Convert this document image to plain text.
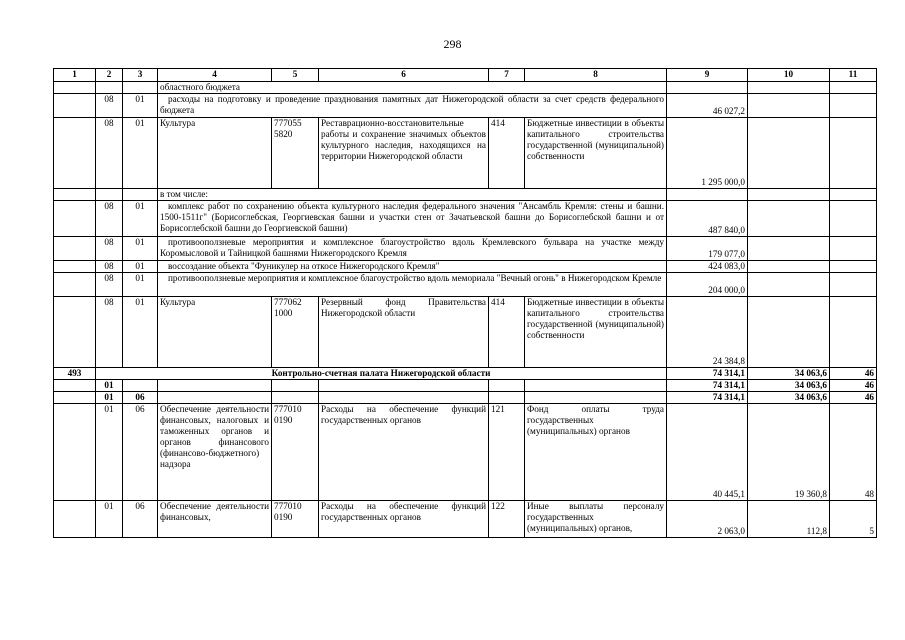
298
1	2	3	4	5	6	7	8	9	10	11
			областного бюджета							
	08	01	расходы на подготовку и проведение празднования памятных дат Нижегородской области за счет средств федерального бюджета					46 027,2		
	08	01	Культура	777055 5820	Реставрационно-восстановительные работы и сохранение значимых объектов культурного наследия, находящихся на территории Нижегородской области	414	Бюджетные инвестиции в объекты капитального строительства государственной (муниципальной) собственности	1 295 000,0		
			в том числе:							
	08	01	комплекс работ по сохранению объекта культурного наследия федерального значения "Ансамбль Кремля: стены и башни. 1500-1511г" (Борисоглебская, Георгиевская башни и участки стен от Зачатьевской башни до Борисоглебской башни и от Борисоглебской башни до Георгиевской башни)					487 840,0		
	08	01	противооползневые мероприятия и комплексное благоустройство вдоль Кремлевского бульвара на участке между Коромысловой и Тайницкой башнями Нижегородского Кремля					179 077,0		
	08	01	воссоздание объекта "Фуникулер на откосе Нижегородского Кремля"					424 083,0		
	08	01	противооползневые мероприятия и комплексное благоустройство вдоль мемориала "Вечный огонь" в Нижегородском Кремле					204 000,0		
	08	01	Культура	777062 1000	Резервный фонд Правительства Нижегородской области	414	Бюджетные инвестиции в объекты капитального строительства государственной (муниципальной) собственности	24 384,8		
493	Контрольно-счетная палата Нижегородской области							74 314,1	34 063,6	46
	01							74 314,1	34 063,6	46
	01	06						74 314,1	34 063,6	46
	01	06	Обеспечение деятельности финансовых, налоговых и таможенных органов и органов финансового (финансово-бюджетного) надзора	777010 0190	Расходы на обеспечение функций государственных органов	121	Фонд оплаты труда государственных (муниципальных) органов	40 445,1	19 360,8	48
	01	06	Обеспечение деятельности финансовых,	777010 0190	Расходы на обеспечение функций государственных органов	122	Иные выплаты персоналу государственных (муниципальных) органов,	2 063,0	112,8	5
